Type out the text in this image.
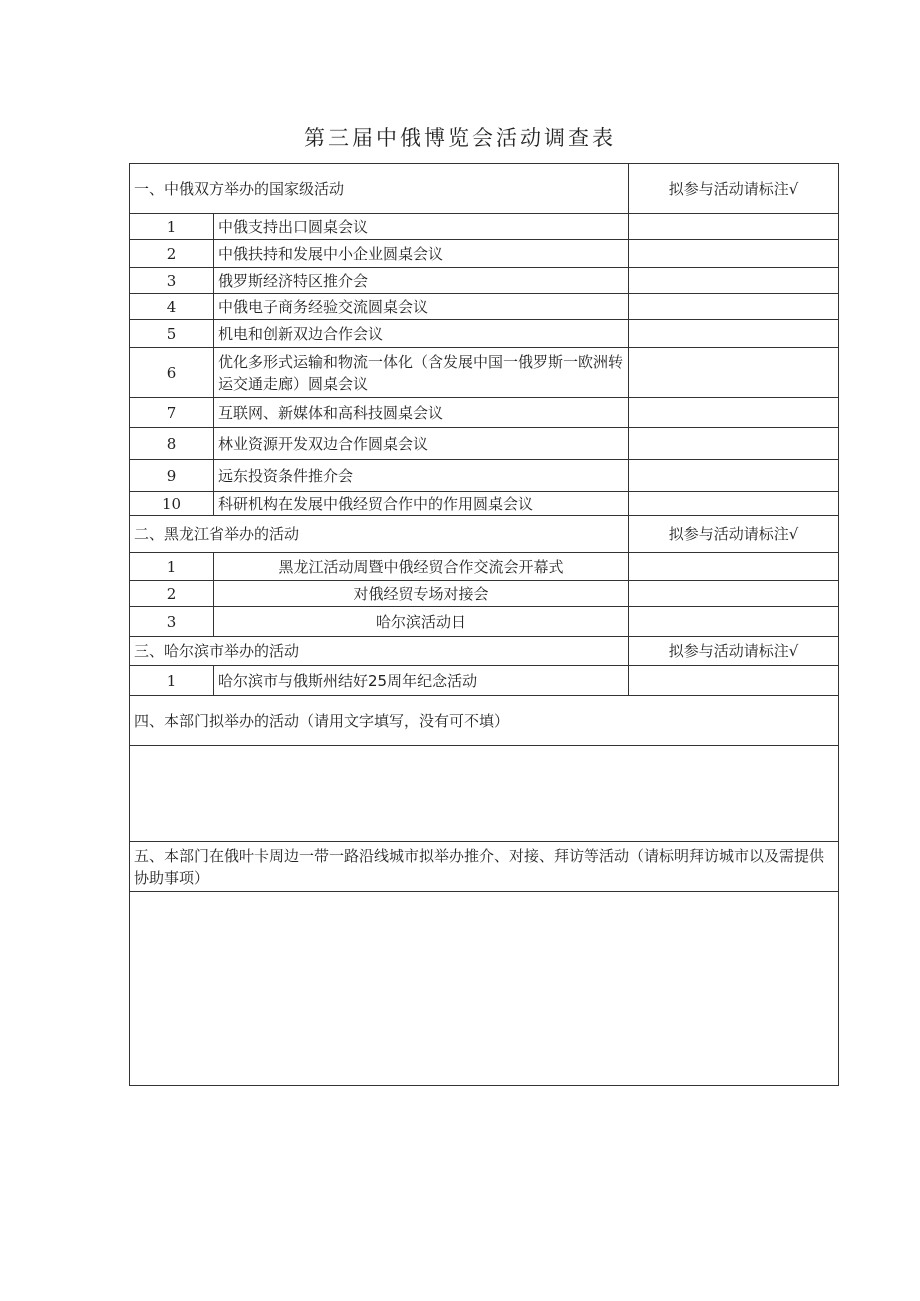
第三届中俄博览会活动调查表
一、中俄双方举办的国家级活动		拟参与活动请标注√
1	中俄支持出口圆桌会议	
2	中俄扶持和发展中小企业圆桌会议	
3	俄罗斯经济特区推介会	
4	中俄电子商务经验交流圆桌会议	
5	机电和创新双边合作会议	
6	优化多形式运输和物流一体化（含发展中国一俄罗斯一欧洲转运交通走廊）圆桌会议	
7	互联网、新媒体和高科技圆桌会议	
8	林业资源开发双边合作圆桌会议	
9	远东投资条件推介会	
10	科研机构在发展中俄经贸合作中的作用圆桌会议	
二、黑龙江省举办的活动		拟参与活动请标注√
1	黑龙江活动周暨中俄经贸合作交流会开幕式	
2	对俄经贸专场对接会	
3	哈尔滨活动日	
三、哈尔滨市举办的活动		拟参与活动请标注√
1	哈尔滨市与俄斯州结好25周年纪念活动	
四、本部门拟举办的活动（请用文字填写，没有可不填）		

五、本部门在俄叶卡周边一带一路沿线城市拟举办推介、对接、拜访等活动（请标明拜访城市以及需提供协助事项）		
